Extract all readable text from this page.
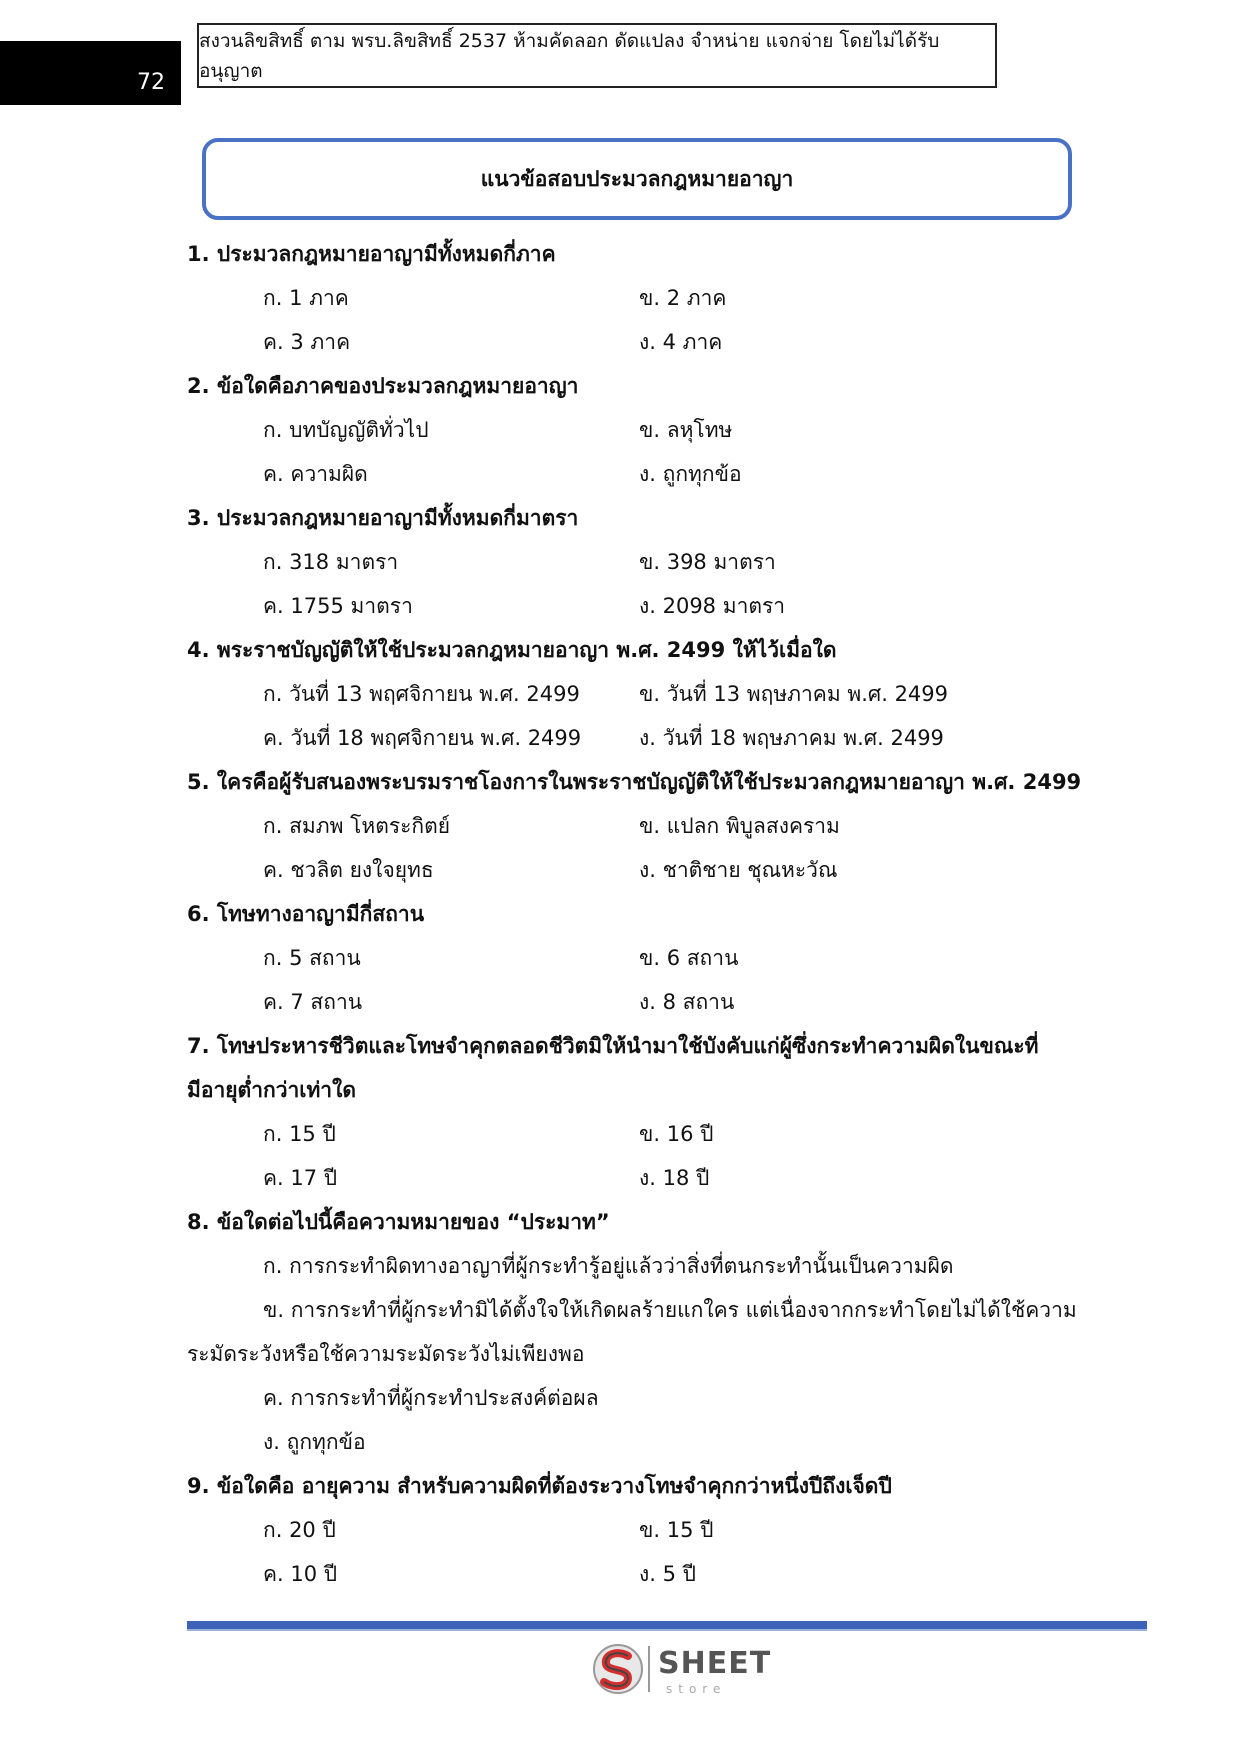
72
สงวนลิขสิทธิ์ ตาม พรบ.ลิขสิทธิ์ 2537 ห้ามคัดลอก ดัดแปลง จำหน่าย แจกจ่าย โดยไม่ได้รับอนุญาต
แนวข้อสอบประมวลกฎหมายอาญา
1. ประมวลกฎหมายอาญามีทั้งหมดกี่ภาค
ก. 1 ภาค	ข. 2 ภาค
ค. 3 ภาค	ง. 4 ภาค
2. ข้อใดคือภาคของประมวลกฎหมายอาญา
ก. บทบัญญัติทั่วไป	ข. ลหุโทษ
ค. ความผิด	ง. ถูกทุกข้อ
3. ประมวลกฎหมายอาญามีทั้งหมดกี่มาตรา
ก. 318 มาตรา	ข. 398 มาตรา
ค. 1755 มาตรา	ง. 2098 มาตรา
4. พระราชบัญญัติให้ใช้ประมวลกฎหมายอาญา พ.ศ. 2499 ให้ไว้เมื่อใด
ก. วันที่ 13 พฤศจิกายน พ.ศ. 2499	ข. วันที่ 13 พฤษภาคม พ.ศ. 2499
ค. วันที่ 18 พฤศจิกายน พ.ศ. 2499	ง. วันที่ 18 พฤษภาคม พ.ศ. 2499
5. ใครคือผู้รับสนองพระบรมราชโองการในพระราชบัญญัติให้ใช้ประมวลกฎหมายอาญา พ.ศ. 2499
ก. สมภพ โหตระกิตย์	ข. แปลก พิบูลสงคราม
ค. ชวลิต ยงใจยุทธ	ง. ชาติชาย ชุณหะวัณ
6. โทษทางอาญามีกี่สถาน
ก. 5 สถาน	ข. 6 สถาน
ค. 7 สถาน	ง. 8 สถาน
7. โทษประหารชีวิตและโทษจำคุกตลอดชีวิตมิให้นำมาใช้บังคับแก่ผู้ซึ่งกระทำความผิดในขณะที่มีอายุต่ำกว่าเท่าใด
ก. 15 ปี	ข. 16 ปี
ค. 17 ปี	ง. 18 ปี
8. ข้อใดต่อไปนี้คือความหมายของ “ประมาท”
ก. การกระทำผิดทางอาญาที่ผู้กระทำรู้อยู่แล้วว่าสิ่งที่ตนกระทำนั้นเป็นความผิด
ข. การกระทำที่ผู้กระทำมิได้ตั้งใจให้เกิดผลร้ายแกใคร แต่เนื่องจากกระทำโดยไม่ได้ใช้ความ
ระมัดระวังหรือใช้ความระมัดระวังไม่เพียงพอ
ค. การกระทำที่ผู้กระทำประสงค์ต่อผล
ง. ถูกทุกข้อ
9. ข้อใดคือ อายุความ สำหรับความผิดที่ต้องระวางโทษจำคุกกว่าหนึ่งปีถึงเจ็ดปี
ก. 20 ปี	ข. 15 ปี
ค. 10 ปี	ง. 5 ปี
SHEET
store
